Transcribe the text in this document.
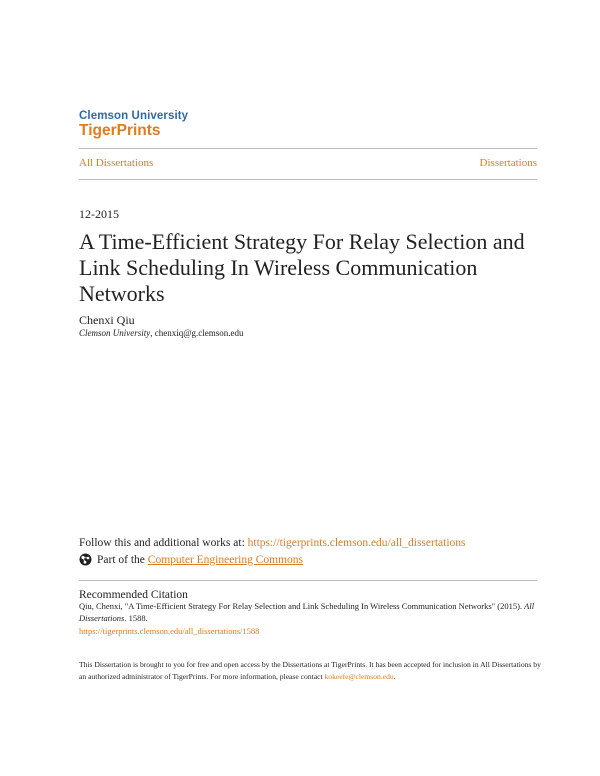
Clemson University
TigerPrints
All Dissertations	Dissertations
12-2015
A Time-Efficient Strategy For Relay Selection and
Link Scheduling In Wireless Communication
Networks
Chenxi Qiu
Clemson University, chenxiq@g.clemson.edu
Follow this and additional works at: https://tigerprints.clemson.edu/all_dissertations
Part of the
Computer Engineering Commons
Recommended Citation
Qiu, Chenxi, "A Time-Efficient Strategy For Relay Selection and Link Scheduling In Wireless Communication Networks" (2015). All Dissertations. 1588.
https://tigerprints.clemson.edu/all_dissertations/1588
This Dissertation is brought to you for free and open access by the Dissertations at TigerPrints. It has been accepted for inclusion in All Dissertations by
an authorized administrator of TigerPrints. For more information, please contact kokeefe@clemson.edu.
